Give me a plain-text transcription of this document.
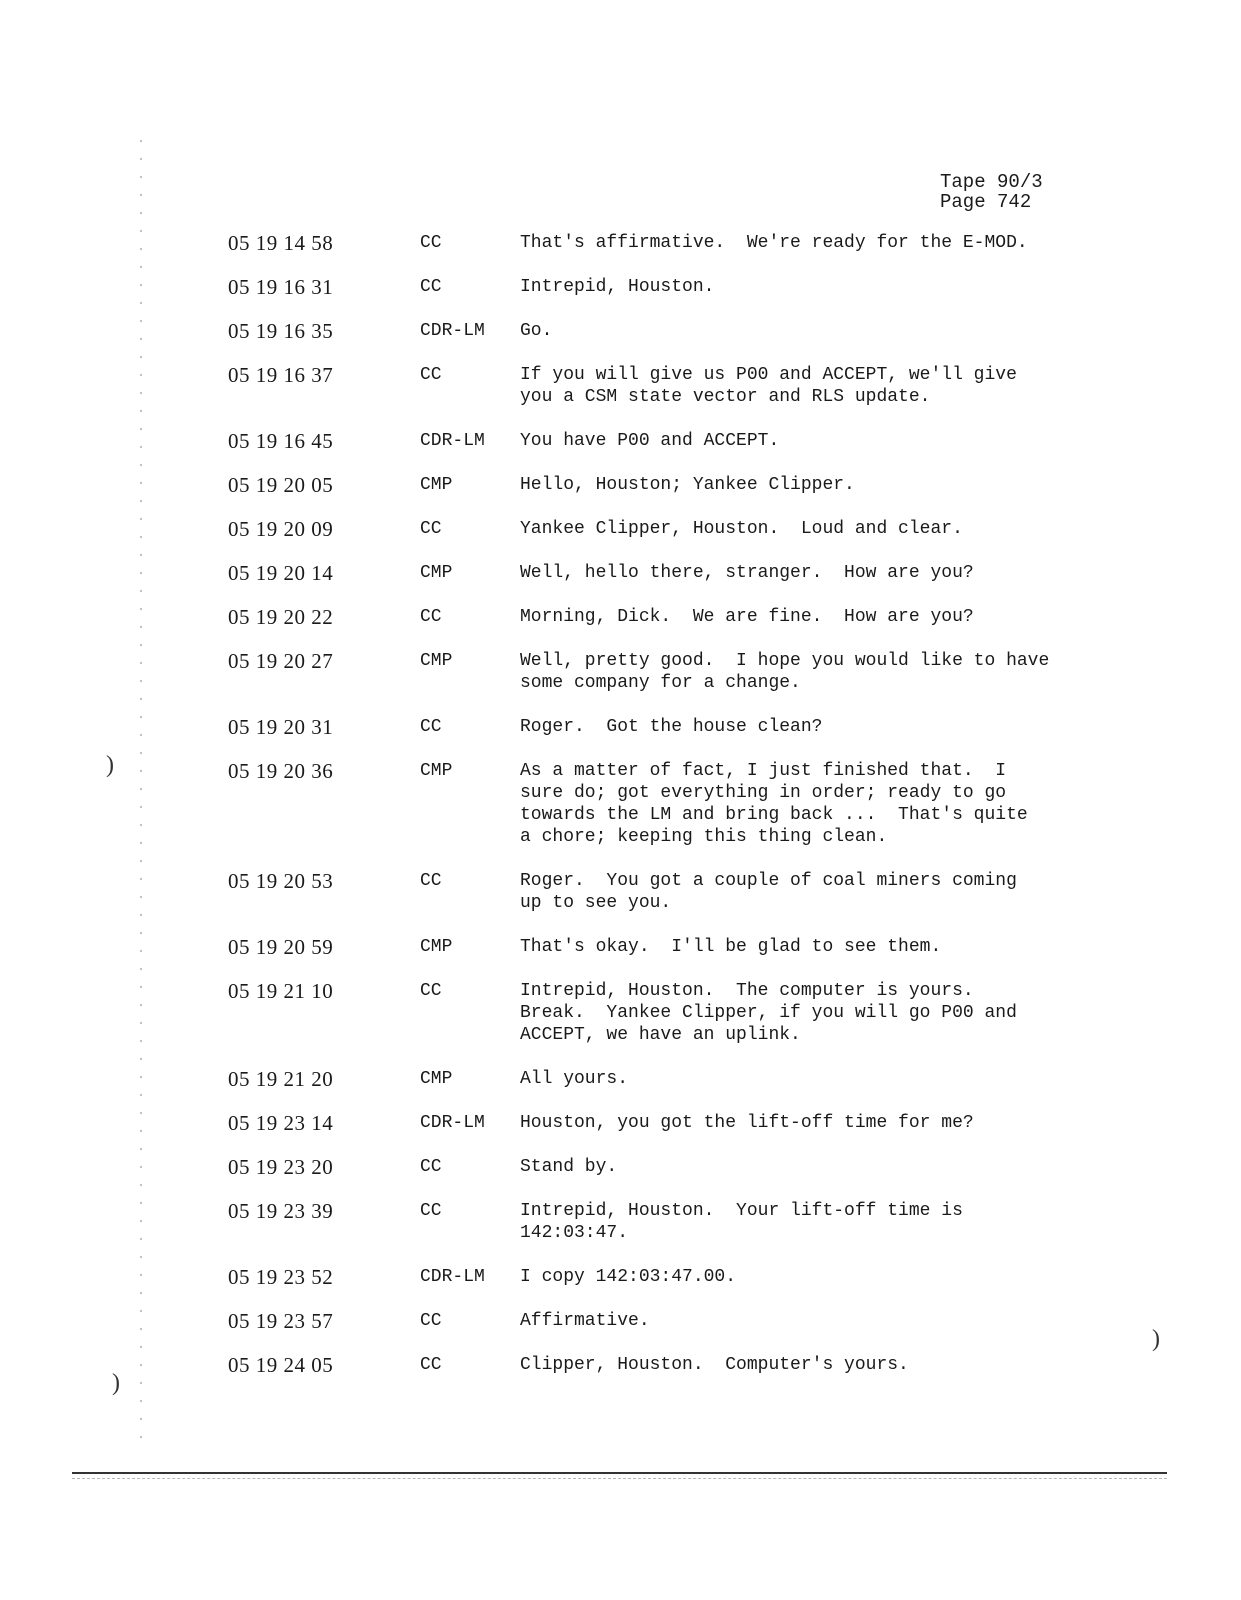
)
)
)
Tape 90/3
Page 742
05 19 14 58	CC	That's affirmative.  We're ready for the E-MOD.
05 19 16 31	CC	Intrepid, Houston.
05 19 16 35	CDR-LM	Go.
05 19 16 37	CC	If you will give us P00 and ACCEPT, we'll give
you a CSM state vector and RLS update.
05 19 16 45	CDR-LM	You have P00 and ACCEPT.
05 19 20 05	CMP	Hello, Houston; Yankee Clipper.
05 19 20 09	CC	Yankee Clipper, Houston.  Loud and clear.
05 19 20 14	CMP	Well, hello there, stranger.  How are you?
05 19 20 22	CC	Morning, Dick.  We are fine.  How are you?
05 19 20 27	CMP	Well, pretty good.  I hope you would like to have
some company for a change.
05 19 20 31	CC	Roger.  Got the house clean?
05 19 20 36	CMP	As a matter of fact, I just finished that.  I
sure do; got everything in order; ready to go
towards the LM and bring back ...  That's quite
a chore; keeping this thing clean.
05 19 20 53	CC	Roger.  You got a couple of coal miners coming
up to see you.
05 19 20 59	CMP	That's okay.  I'll be glad to see them.
05 19 21 10	CC	Intrepid, Houston.  The computer is yours.
Break.  Yankee Clipper, if you will go P00 and
ACCEPT, we have an uplink.
05 19 21 20	CMP	All yours.
05 19 23 14	CDR-LM	Houston, you got the lift-off time for me?
05 19 23 20	CC	Stand by.
05 19 23 39	CC	Intrepid, Houston.  Your lift-off time is
142:03:47.
05 19 23 52	CDR-LM	I copy 142:03:47.00.
05 19 23 57	CC	Affirmative.
05 19 24 05	CC	Clipper, Houston.  Computer's yours.
